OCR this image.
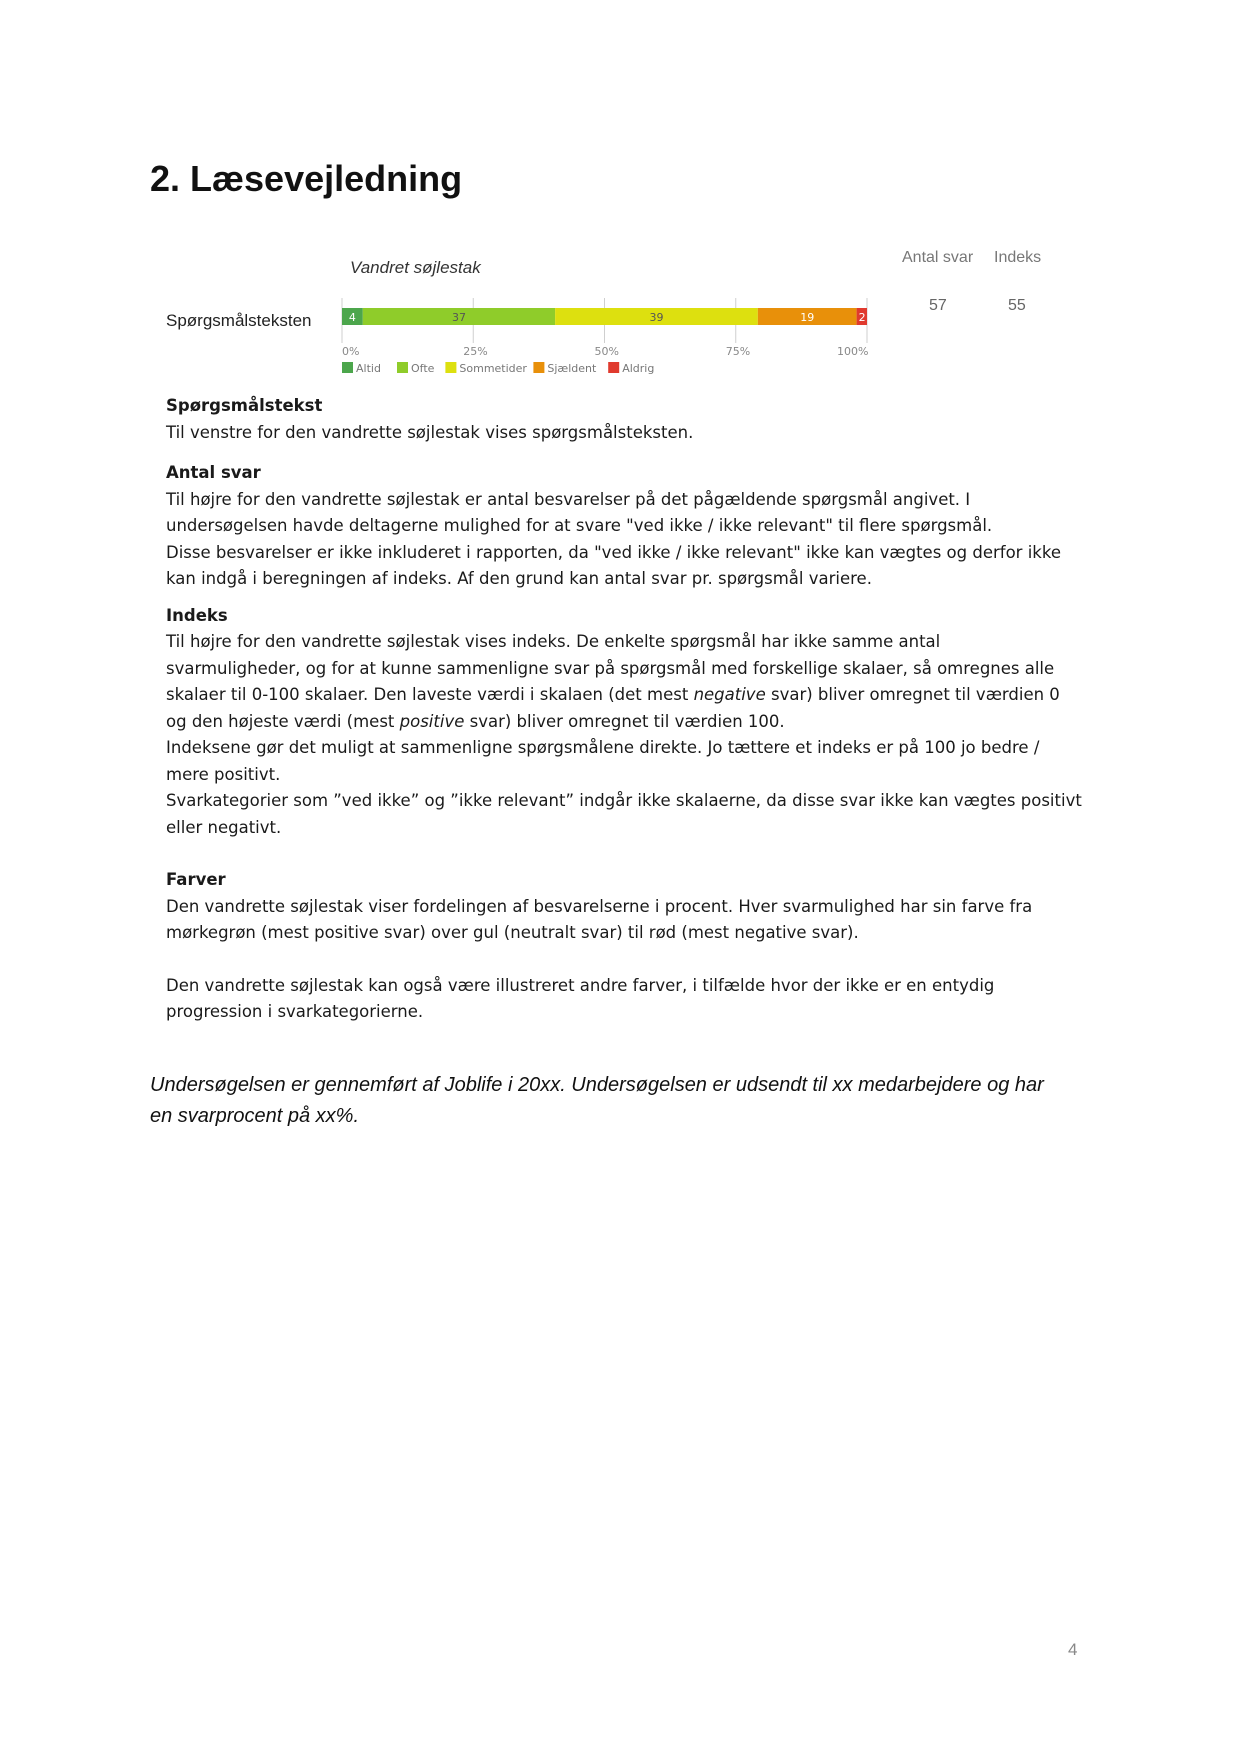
2. Læsevejledning
Vandret søjlestak
Spørgsmålsteksten
Antal svar Indeks
57	55
0%	25%	50%	75%	100%
4	37	39	19	2
Altid	Ofte Sommetider Sjældent Aldrig

Spørgsmålstekst

Til venstre for den vandrette søjlestak vises spørgsmålsteksten.

Antal svar

Til højre for den vandrette søjlestak er antal besvarelser på det pågældende spørgsmål angivet. I

undersøgelsen havde deltagerne mulighed for at svare "ved ikke / ikke relevant" til flere spørgsmål.

Disse besvarelser er ikke inkluderet i rapporten, da "ved ikke / ikke relevant" ikke kan vægtes og derfor ikke

kan indgå i beregningen af indeks. Af den grund kan antal svar pr. spørgsmål variere.

Indeks

Til højre for den vandrette søjlestak vises indeks. De enkelte spørgsmål har ikke samme antal

svarmuligheder, og for at kunne sammenligne svar på spørgsmål med forskellige skalaer, så omregnes alle

skalaer til 0-100 skalaer. Den laveste værdi i skalaen (det mest negative svar) bliver omregnet til værdien 0

og den højeste værdi (mest positive svar) bliver omregnet til værdien 100.

Indeksene gør det muligt at sammenligne spørgsmålene direkte. Jo tættere et indeks er på 100 jo bedre /

mere positivt.

Svarkategorier som ”ved ikke” og ”ikke relevant” indgår ikke skalaerne, da disse svar ikke kan vægtes positivt

eller negativt.

Farver

Den vandrette søjlestak viser fordelingen af besvarelserne i procent. Hver svarmulighed har sin farve fra

mørkegrøn (mest positive svar) over gul (neutralt svar) til rød (mest negative svar).

Den vandrette søjlestak kan også være illustreret andre farver, i tilfælde hvor der ikke er en entydig

progression i svarkategorierne.

Undersøgelsen er gennemført af Joblife i 20xx. Undersøgelsen er udsendt til xx medarbejdere og har
en svarprocent på xx%.
4
